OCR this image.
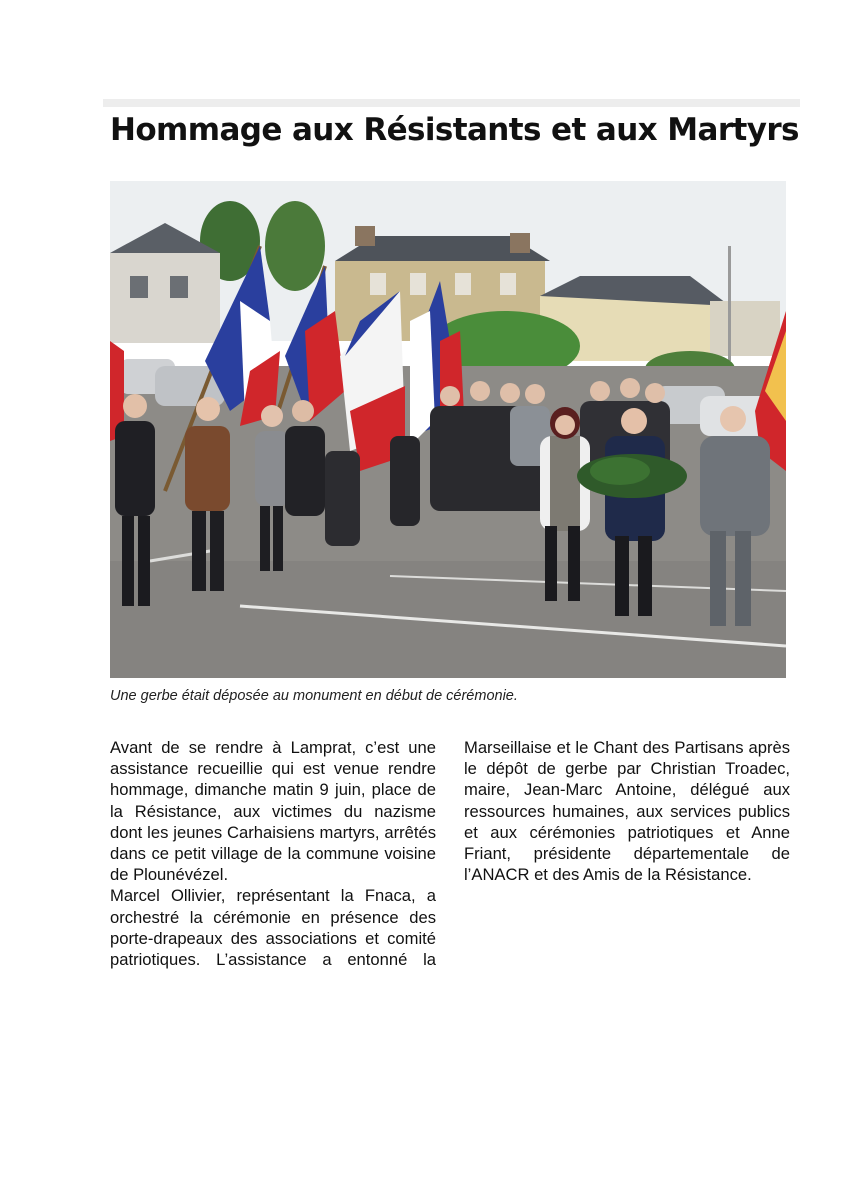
Hommage aux Résistants et aux Martyrs
Une gerbe était déposée au monument en début de cérémonie.

Avant de se rendre à Lamprat, c’est une assistance recueillie qui est venue rendre hommage, dimanche matin 9 juin, place de la Résistance, aux victimes du nazisme dont les jeunes Carhaisiens martyrs, arrêtés dans ce petit village de la commune voisine de Plounévézel.

Marcel Ollivier, représentant la Fnaca, a orchestré la cérémonie en présence des porte-drapeaux des associations et comité patriotiques. L’assistance a entonné la Marseillaise et le Chant des Partisans après le dépôt de gerbe par Christian Troadec, maire, Jean-Marc Antoine, délégué aux ressources humaines, aux services publics et aux cérémonies patriotiques et Anne Friant, présidente départementale de l’ANACR et des Amis de la Résistance.
